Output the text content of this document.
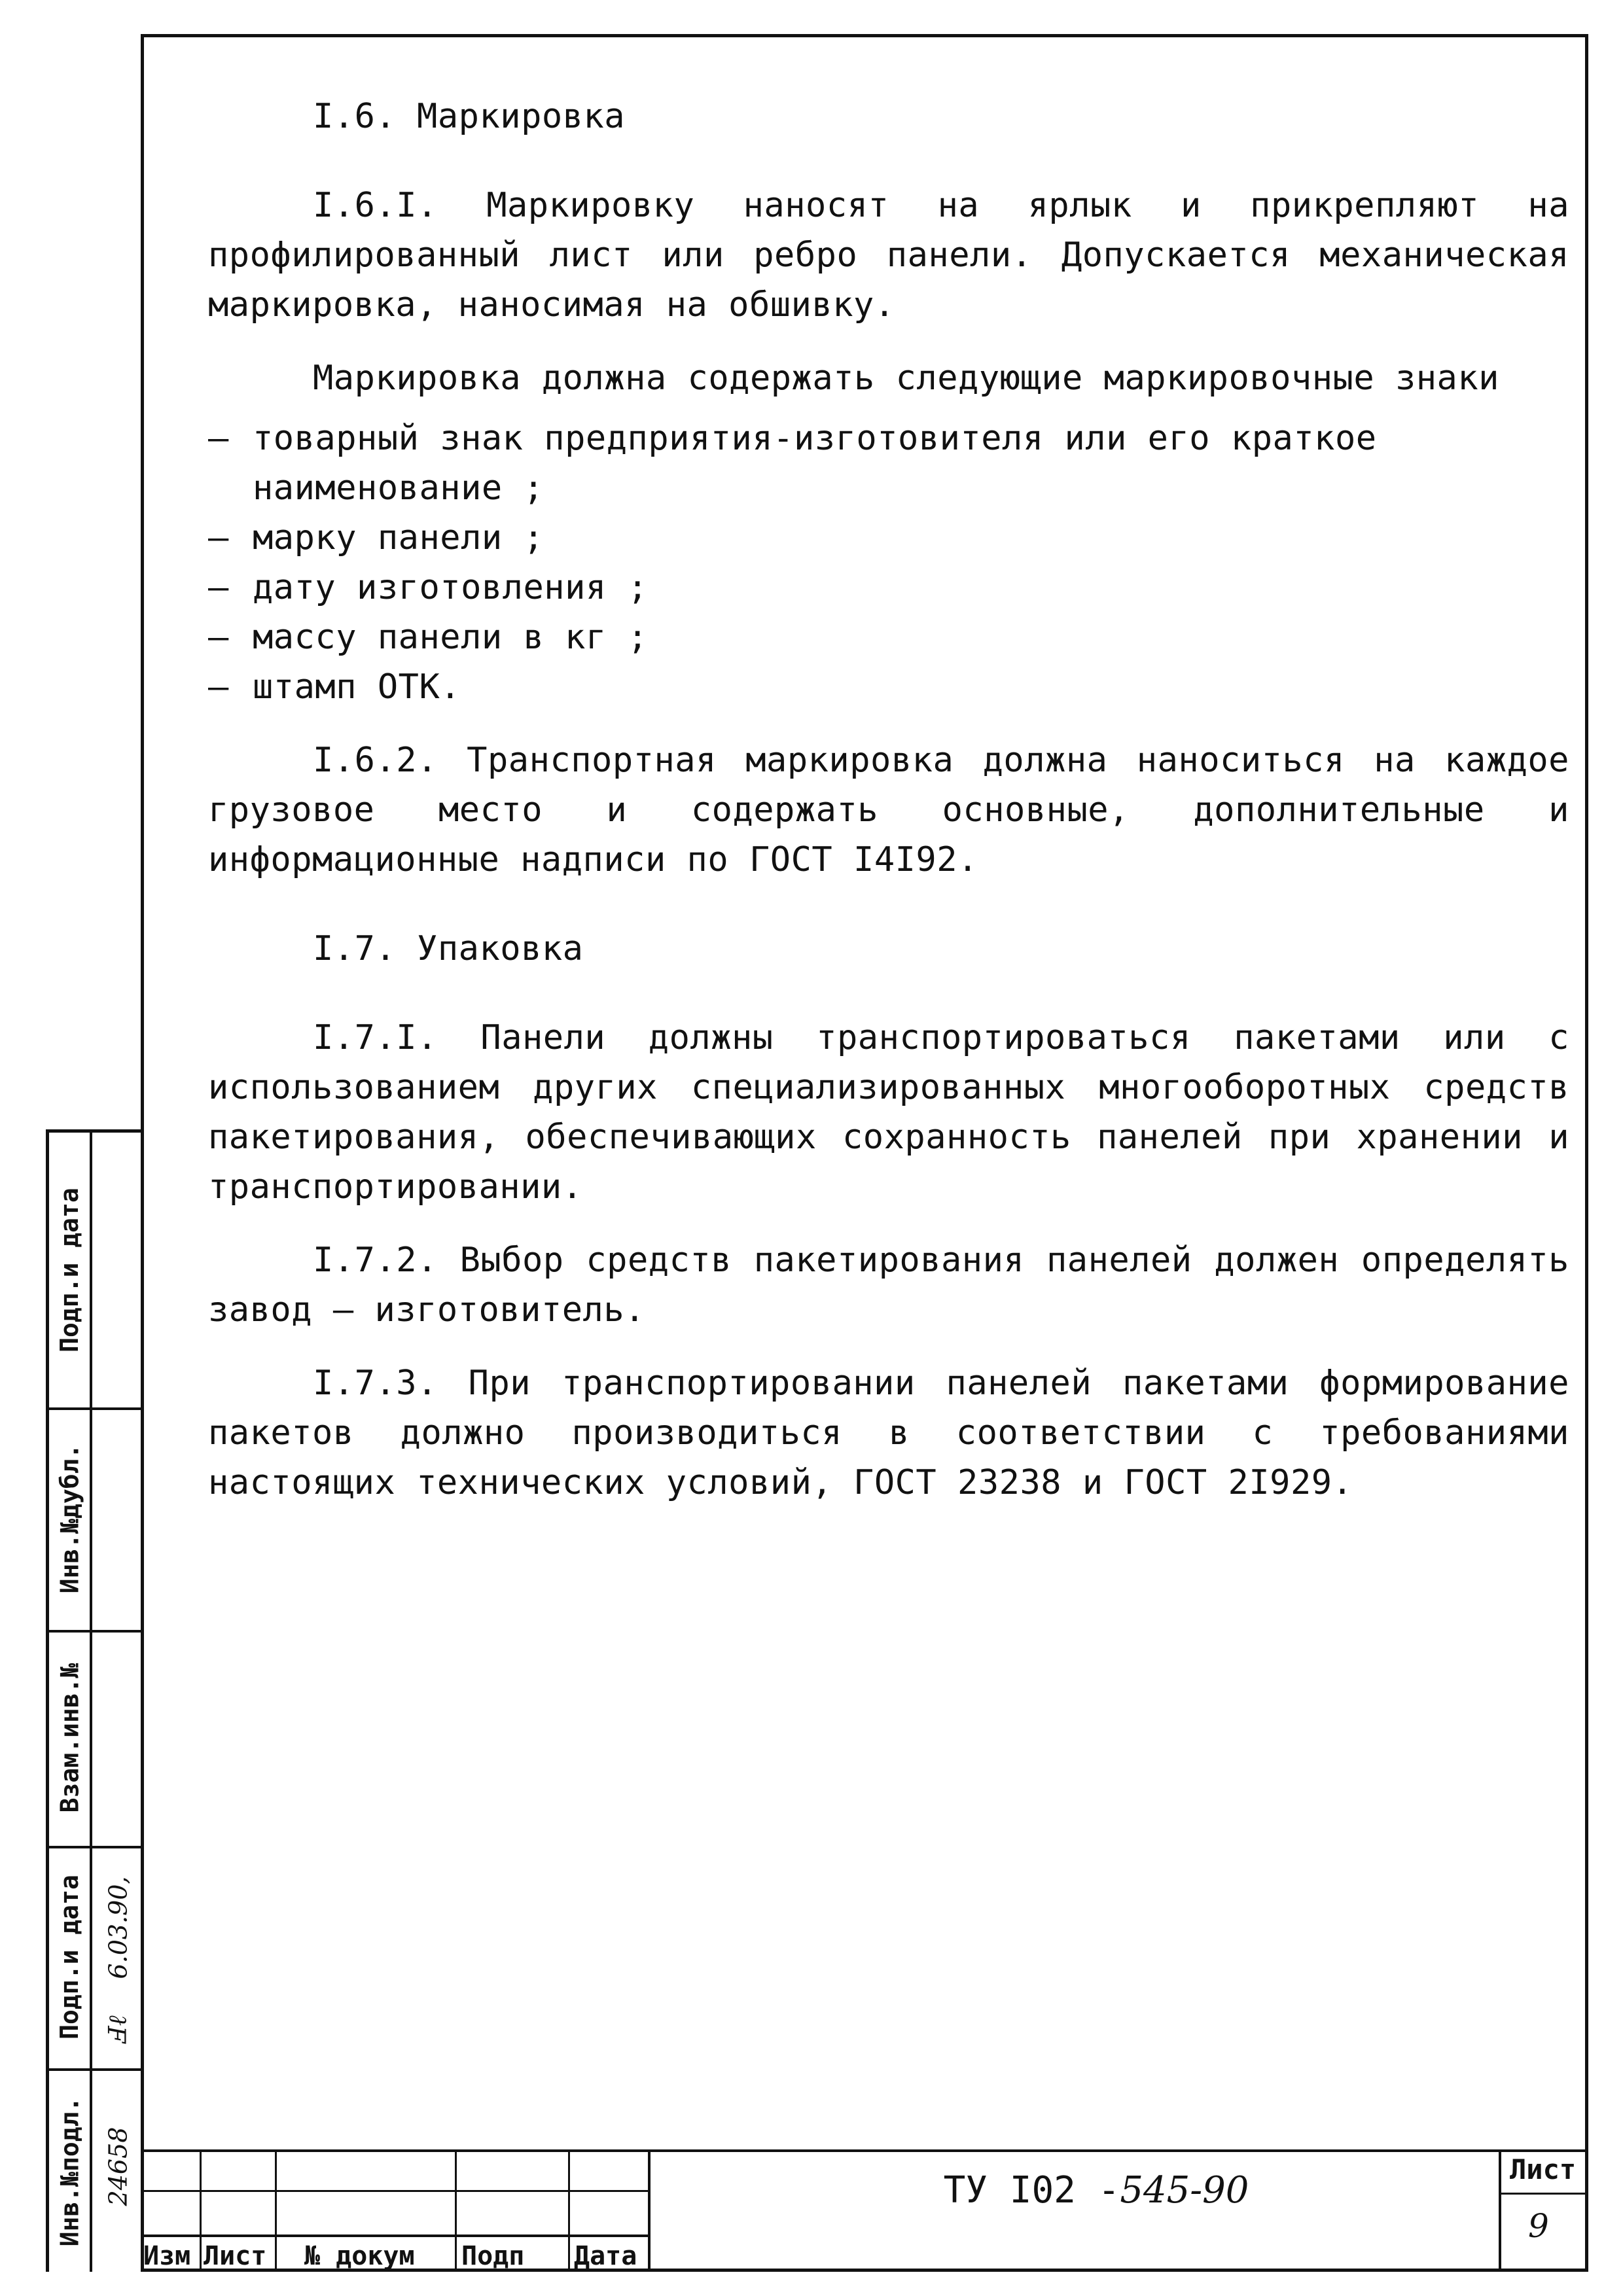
I.6. Маркировка

I.6.I. Маркировку наносят на ярлык и прикрепляют на профилированный лист или ребро панели. Допускается механическая маркировка, наносимая на обшивку.

Маркировка должна содержать следующие маркировочные знаки

– товарный знак предприятия-изготовителя или его краткое наименование ;

– марку панели ;

– дату изготовления ;

– массу панели в кг ;

– штамп ОТК.

I.6.2. Транспортная маркировка должна наноситься на каждое грузовое место и содержать основные, дополнительные и информационные надписи по ГОСТ I4I92.

I.7. Упаковка

I.7.I. Панели должны транспортироваться пакетами или с использованием других специализированных многооборотных средств пакетирования, обеспечивающих сохранность панелей при хранении и транспортировании.

I.7.2. Выбор средств пакетирования панелей должен определять завод – изготовитель.

I.7.3. При транспортировании панелей пакетами формирование пакетов должно производиться в соответствии с требованиями настоящих технических условий, ГОСТ 23238 и ГОСТ 2I929.

Подп.и дата
Инв.№дубл.
Взам.инв.№
Подп.и дата
Инв.№подл.
6.03.90,
Ⅎℓ
24658
Изм Лист № докум Подп Дата
ТУ I02 -545-90	Лист
9
